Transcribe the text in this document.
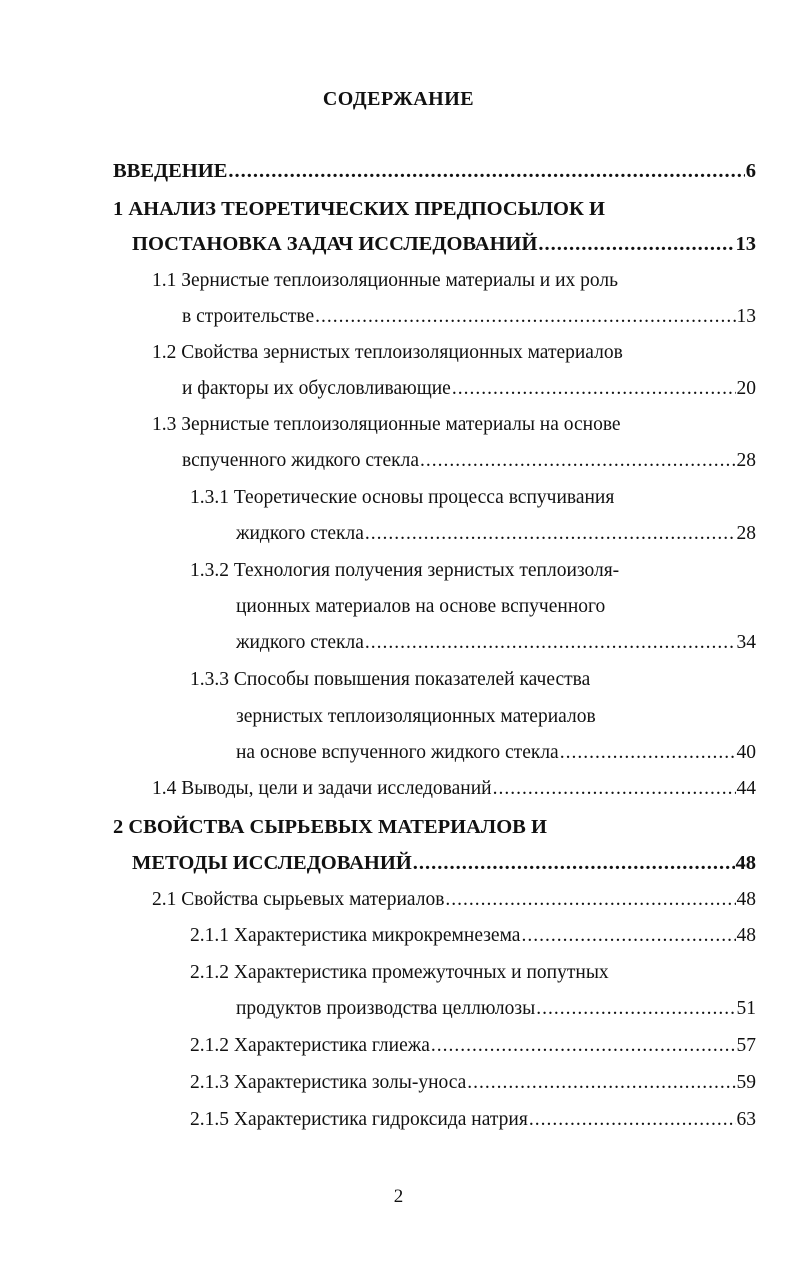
СОДЕРЖАНИЕ
ВВЕДЕНИЕ .....	6
1 АНАЛИЗ ТЕОРЕТИЧЕСКИХ ПРЕДПОСЫЛОК И
ПОСТАНОВКА ЗАДАЧ ИССЛЕДОВАНИЙ .....	13
1.1 Зернистые теплоизоляционные материалы и их роль
в строительстве .....	13
1.2 Свойства зернистых теплоизоляционных материалов
и факторы их обусловливающие .....	20
1.3 Зернистые теплоизоляционные материалы на основе
вспученного жидкого стекла .....	28
1.3.1 Теоретические основы процесса вспучивания
жидкого стекла .....	28
1.3.2 Технология получения зернистых теплоизоля-
ционных материалов на основе вспученного
жидкого стекла .....	34
1.3.3 Способы повышения показателей качества
зернистых теплоизоляционных материалов
на основе вспученного жидкого стекла .....	40
1.4 Выводы, цели и задачи исследований .....	44
2 СВОЙСТВА СЫРЬЕВЫХ МАТЕРИАЛОВ И
МЕТОДЫ ИССЛЕДОВАНИЙ .....	48
2.1 Свойства сырьевых материалов .....	48
2.1.1 Характеристика микрокремнезема .....	48
2.1.2 Характеристика промежуточных и попутных
продуктов производства целлюлозы .....	51
2.1.2 Характеристика глиежа .....	57
2.1.3 Характеристика золы-уноса .....	59
2.1.5 Характеристика гидроксида натрия .....	63
2
